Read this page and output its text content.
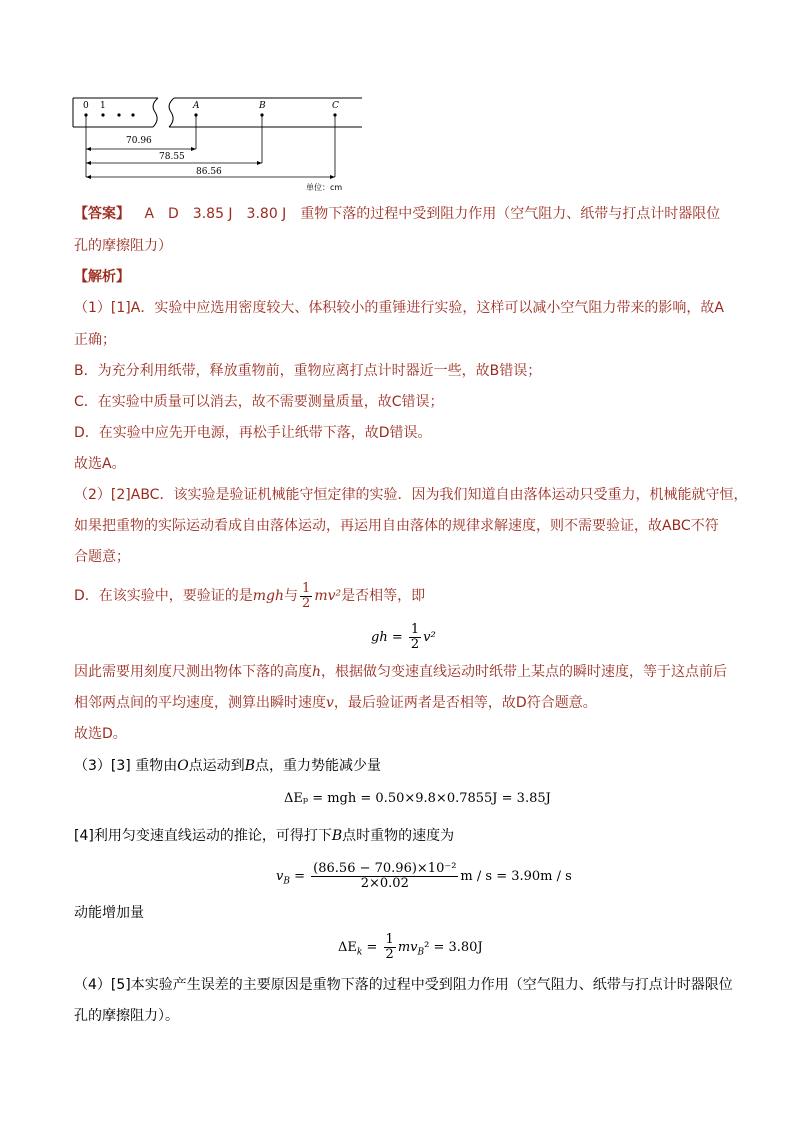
0 1	A	B	C
70.96
78.55
86.56
单位：cm
【答案】 A　D　3.85 J　3.80 J　重物下落的过程中受到阻力作用（空气阻力、纸带与打点计时器限位
孔的摩擦阻力）
【解析】
（1）[1]A．实验中应选用密度较大、体积较小的重锤进行实验，这样可以减小空气阻力带来的影响，故A
正确；
B．为充分利用纸带，释放重物前，重物应离打点计时器近一些，故B错误；
C．在实验中质量可以消去，故不需要测量质量，故C错误；
D．在实验中应先开电源，再松手让纸带下落，故D错误。
故选A。
（2）[2]ABC．该实验是验证机械能守恒定律的实验．因为我们知道自由落体运动只受重力，机械能就守恒，
如果把重物的实际运动看成自由落体运动，再运用自由落体的规律求解速度，则不需要验证，故ABC不符
合题意；
D．在该实验中，要验证的是mgh与 $\frac{1}{2} mv^2$是否相等，即
gh = $\frac{1}{2} v^2$
因此需要用刻度尺测出物体下落的高度h，根据做匀变速直线运动时纸带上某点的瞬时速度，等于这点前后
相邻两点间的平均速度，测算出瞬时速度v，最后验证两者是否相等，故D符合题意。
故选D。
（3）[3] 重物由O点运动到B点，重力势能减少量
ΔEₚ = mgh = 0.50×9.8×0.7855J = 3.85J
[4]利用匀变速直线运动的推论，可得打下B点时重物的速度为
$v_B = \frac{\text{(86.56 − 70.96)×10⁻²}}{2\times 0.02}$ m / s = 3.90m / s
动能增加量
$\Delta E_k = \frac{1}{2} mv_B^2 = 3.80J$
（4）[5]本实验产生误差的主要原因是重物下落的过程中受到阻力作用（空气阻力、纸带与打点计时器限位
孔的摩擦阻力）。
